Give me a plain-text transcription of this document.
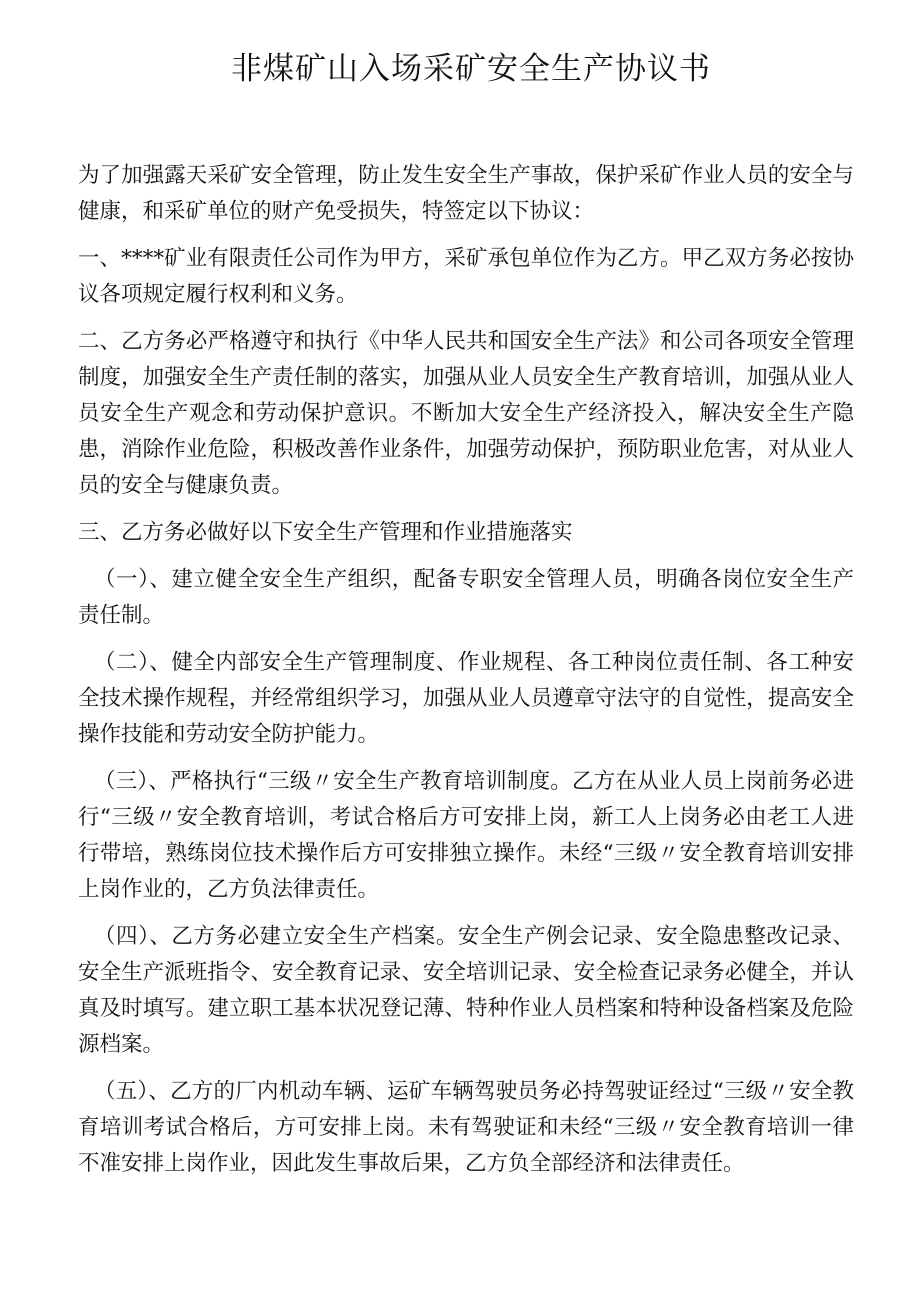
非煤矿山入场采矿安全生产协议书

为了加强露天采矿安全管理，防止发生安全生产事故，保护采矿作业人员的安全与健康，和采矿单位的财产免受损失，特签定以下协议：

一、****矿业有限责任公司作为甲方，采矿承包单位作为乙方。甲乙双方务必按协议各项规定履行权利和义务。

二、乙方务必严格遵守和执行《中华人民共和国安全生产法》和公司各项安全管理制度，加强安全生产责任制的落实，加强从业人员安全生产教育培训，加强从业人员安全生产观念和劳动保护意识。不断加大安全生产经济投入，解决安全生产隐患，消除作业危险，积极改善作业条件，加强劳动保护，预防职业危害，对从业人员的安全与健康负责。

三、乙方务必做好以下安全生产管理和作业措施落实

（一）、建立健全安全生产组织，配备专职安全管理人员，明确各岗位安全生产责任制。

（二）、健全内部安全生产管理制度、作业规程、各工种岗位责任制、各工种安全技术操作规程，并经常组织学习，加强从业人员遵章守法守的自觉性，提高安全操作技能和劳动安全防护能力。

（三）、严格执行“三级〃安全生产教育培训制度。乙方在从业人员上岗前务必进行“三级〃安全教育培训，考试合格后方可安排上岗，新工人上岗务必由老工人进行带培，熟练岗位技术操作后方可安排独立操作。未经“三级〃安全教育培训安排上岗作业的，乙方负法律责任。

（四）、乙方务必建立安全生产档案。安全生产例会记录、安全隐患整改记录、安全生产派班指令、安全教育记录、安全培训记录、安全检查记录务必健全，并认真及时填写。建立职工基本状况登记薄、特种作业人员档案和特种设备档案及危险源档案。

（五）、乙方的厂内机动车辆、运矿车辆驾驶员务必持驾驶证经过“三级〃安全教育培训考试合格后，方可安排上岗。未有驾驶证和未经“三级〃安全教育培训一律不准安排上岗作业，因此发生事故后果，乙方负全部经济和法律责任。
